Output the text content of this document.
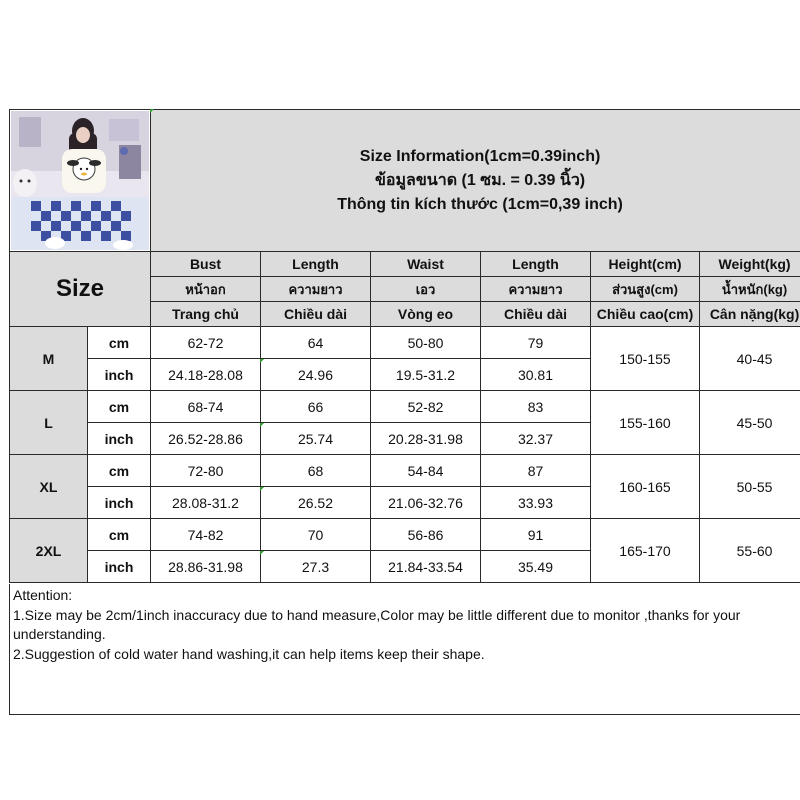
Size Information(1cm=0.39inch)
ข้อมูลขนาด (1 ซม. = 0.39 นิ้ว)
Thông tin kích thước (1cm=0,39 inch)					

Size		Bust	Length	Waist	Length	Height(cm)	Weight(kg)
		หน้าอก	ความยาว	เอว	ความยาว	ส่วนสูง(cm)	น้ำหนัก(kg)
		Trang chủ	Chiều dài	Vòng eo	Chiều dài	Chiều cao(cm)	Cân nặng(kg)
M	cm	62-72	64	50-80	79	150-155	40-45
	inch	24.18-28.08	24.96	19.5-31.2	30.81		
L	cm	68-74	66	52-82	83	155-160	45-50
	inch	26.52-28.86	25.74	20.28-31.98	32.37		
XL	cm	72-80	68	54-84	87	160-165	50-55
	inch	28.08-31.2	26.52	21.06-32.76	33.93		
2XL	cm	74-82	70	56-86	91	165-170	55-60
	inch	28.86-31.98	27.3	21.84-33.54	35.49		
Attention:
1.Size may be 2cm/1inch inaccuracy due to hand measure,Color may be little different due to monitor ,thanks for your understanding.
2.Suggestion of cold water hand washing,it can help items keep their shape.
